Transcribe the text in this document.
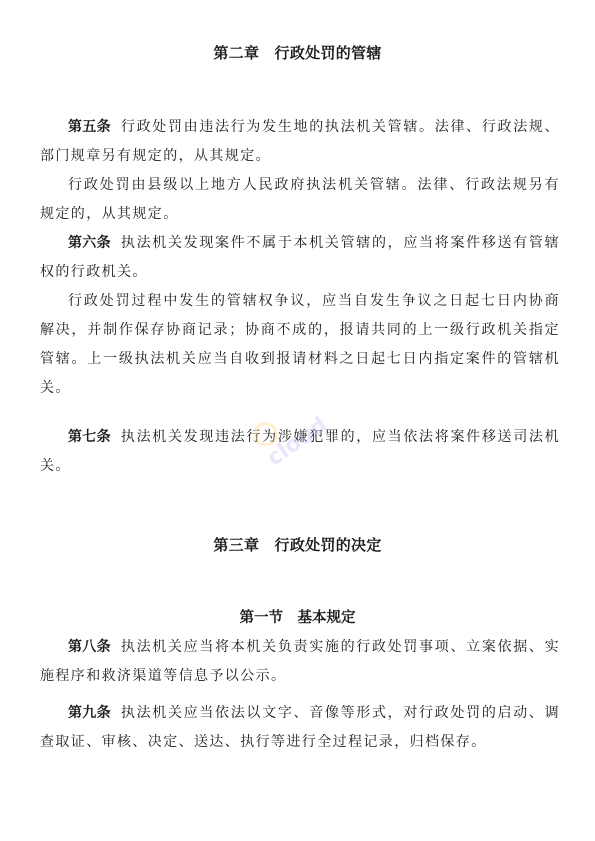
第二章　行政处罚的管辖
第五条 行政处罚由违法行为发生地的执法机关管辖。法律、行政法规、部门规章另有规定的，从其规定。
行政处罚由县级以上地方人民政府执法机关管辖。法律、行政法规另有规定的，从其规定。
第六条 执法机关发现案件不属于本机关管辖的，应当将案件移送有管辖权的行政机关。
行政处罚过程中发生的管辖权争议，应当自发生争议之日起七日内协商解决，并制作保存协商记录；协商不成的，报请共同的上一级行政机关指定管辖。上一级执法机关应当自收到报请材料之日起七日内指定案件的管辖机关。
第七条 执法机关发现违法行为涉嫌犯罪的，应当依法将案件移送司法机关。
第三章　行政处罚的决定
第一节　基本规定
第八条 执法机关应当将本机关负责实施的行政处罚事项、立案依据、实施程序和救济渠道等信息予以公示。
第九条 执法机关应当依法以文字、音像等形式，对行政处罚的启动、调查取证、审核、决定、送达、执行等进行全过程记录，归档保存。
cloud
